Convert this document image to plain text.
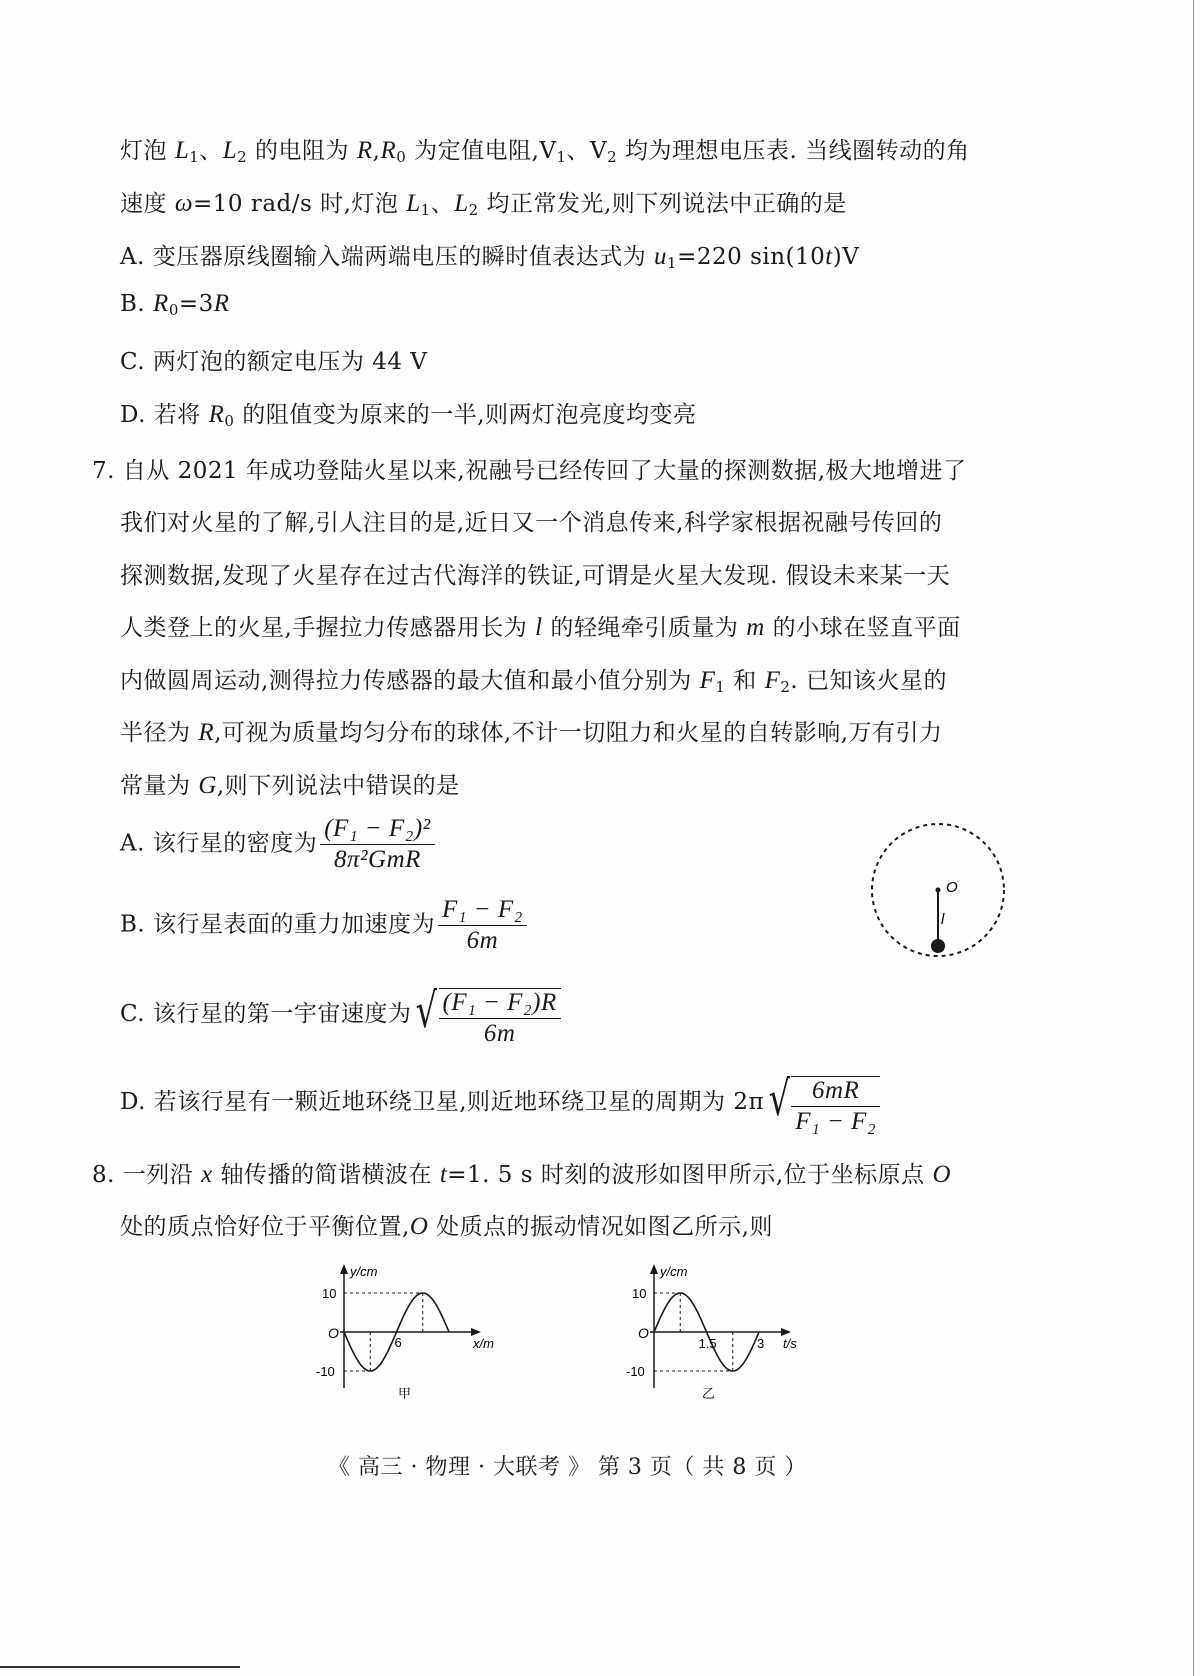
灯泡 $L_1$、$L_2$ 的电阻为 $R,R_0$ 为定值电阻$,V_1$、$V_2$ 均为理想电压表. 当线圈转动的角
速度 ω=10 rad/s 时,灯泡 $L_1$、$L_2$ 均正常发光,则下列说法中正确的是
A. 变压器原线圈输入端两端电压的瞬时值表达式为 $u_1=220$ sin(10t)V
B. $R_0=3R$
C. 两灯泡的额定电压为 44 V
D. 若将 $R_0$ 的阻值变为原来的一半,则两灯泡亮度均变亮
7. 自从 2021 年成功登陆火星以来,祝融号已经传回了大量的探测数据,极大地增进了
我们对火星的了解,引人注目的是,近日又一个消息传来,科学家根据祝融号传回的
探测数据,发现了火星存在过古代海洋的铁证,可谓是火星大发现. 假设未来某一天
人类登上的火星,手握拉力传感器用长为 l 的轻绳牵引质量为 m 的小球在竖直平面
内做圆周运动,测得拉力传感器的最大值和最小值分别为 $F_1$ 和 $F_2$. 已知该火星的
半径为 R,可视为质量均匀分布的球体,不计一切阻力和火星的自转影响,万有引力
常量为 G,则下列说法中错误的是
A. 该行星的密度为 $\frac{\text{(F₁ − F₂)²}}{\text{8π²GmR}}$
B. 该行星表面的重力加速度为 $\frac{\text{F₁ − F₂}}{6m}$
C. 该行星的第一宇宙速度为 √ $\frac{\text{(F₁ − F₂)R}}{6m}$
D. 若该行星有一颗近地环绕卫星,则近地环绕卫星的周期为 2π √ $\frac{6mR}{\text{F₁ − F₂}}$
O
l
8. 一列沿 x 轴传播的简谐横波在 t=1. 5 s 时刻的波形如图甲所示,位于坐标原点 O
处的质点恰好位于平衡位置,O 处质点的振动情况如图乙所示,则
y/cm
x/m
O
10
-10
6
甲
y/cm
t/s
O
10
-10
1.5	3
乙
《 高三 · 物理 · 大联考 》 第 3 页（ 共 8 页 ）
